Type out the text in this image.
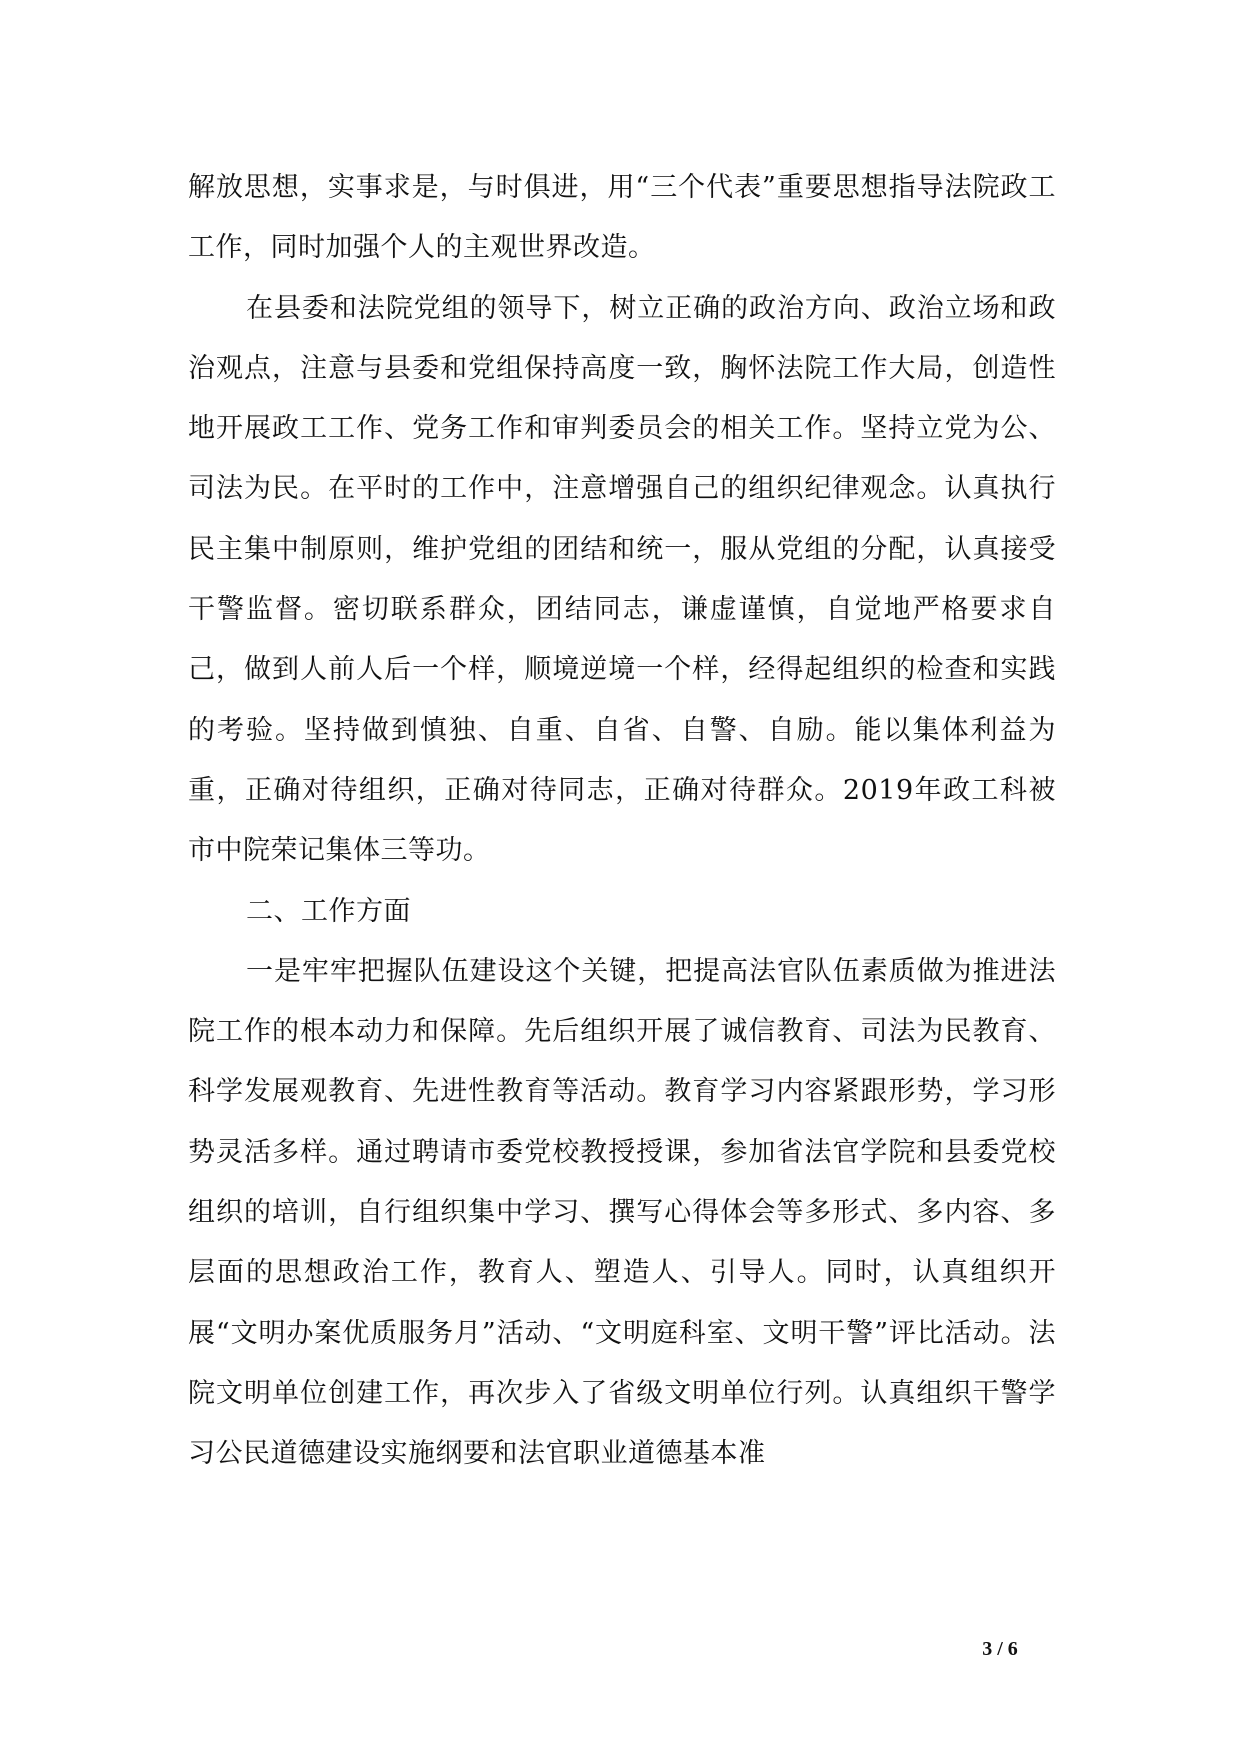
解放思想，实事求是，与时俱进，用“三个代表”重要思想指导法院政工工作，同时加强个人的主观世界改造。

在县委和法院党组的领导下，树立正确的政治方向、政治立场和政治观点，注意与县委和党组保持高度一致，胸怀法院工作大局，创造性地开展政工工作、党务工作和审判委员会的相关工作。坚持立党为公、司法为民。在平时的工作中，注意增强自己的组织纪律观念。认真执行民主集中制原则，维护党组的团结和统一，服从党组的分配，认真接受干警监督。密切联系群众，团结同志，谦虚谨慎，自觉地严格要求自己，做到人前人后一个样，顺境逆境一个样，经得起组织的检查和实践的考验。坚持做到慎独、自重、自省、自警、自励。能以集体利益为重，正确对待组织，正确对待同志，正确对待群众。2019年政工科被市中院荣记集体三等功。

二、工作方面

一是牢牢把握队伍建设这个关键，把提高法官队伍素质做为推进法院工作的根本动力和保障。先后组织开展了诚信教育、司法为民教育、科学发展观教育、先进性教育等活动。教育学习内容紧跟形势，学习形势灵活多样。通过聘请市委党校教授授课，参加省法官学院和县委党校组织的培训，自行组织集中学习、撰写心得体会等多形式、多内容、多层面的思想政治工作，教育人、塑造人、引导人。同时，认真组织开展“文明办案优质服务月”活动、“文明庭科室、文明干警”评比活动。法院文明单位创建工作，再次步入了省级文明单位行列。认真组织干警学习公民道德建设实施纲要和法官职业道德基本准

3 / 6
